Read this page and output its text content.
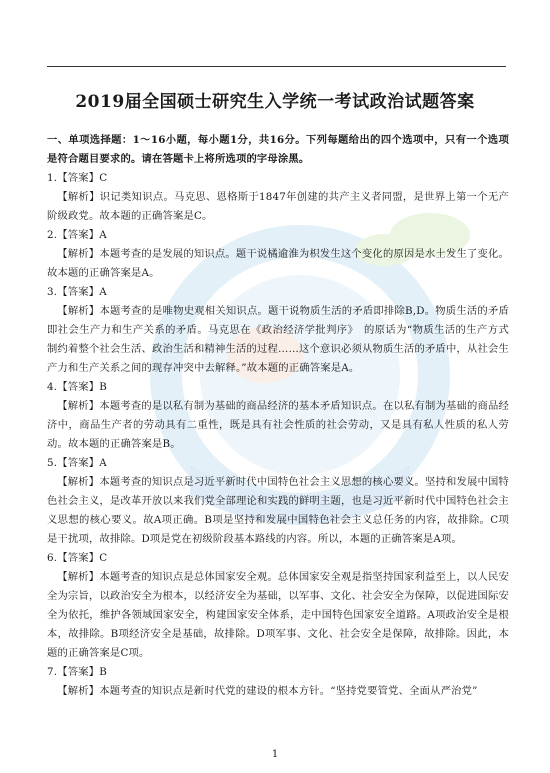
2019届全国硕士研究生入学统一考试政治试题答案

一、单项选择题：1～16小题，每小题1分，共16分。下列每题给出的四个选项中，只有一个选项是符合题目要求的。请在答题卡上将所选项的字母涂黑。

1.【答案】C

【解析】识记类知识点。马克思、恩格斯于1847年创建的共产主义者同盟，是世界上第一个无产阶级政党。故本题的正确答案是C。

2.【答案】A

【解析】本题考查的是发展的知识点。题干说橘逾淮为枳发生这个变化的原因是水土发生了变化。故本题的正确答案是A。

3.【答案】A

【解析】本题考查的是唯物史观相关知识点。题干说物质生活的矛盾即排除B,D。物质生活的矛盾即社会生产力和生产关系的矛盾。马克思在《政治经济学批判序》　的原话为“物质生活的生产方式制约着整个社会生活、政治生活和精神生活的过程……这个意识必须从物质生活的矛盾中，从社会生产力和生产关系之间的现存冲突中去解释。”故本题的正确答案是A。

4.【答案】B

【解析】本题考查的是以私有制为基础的商品经济的基本矛盾知识点。在以私有制为基础的商品经济中，商品生产者的劳动具有二重性，既是具有社会性质的社会劳动，又是具有私人性质的私人劳动。故本题的正确答案是B。

5.【答案】A

【解析】本题考查的知识点是习近平新时代中国特色社会主义思想的核心要义。坚持和发展中国特色社会主义，是改革开放以来我们党全部理论和实践的鲜明主题，也是习近平新时代中国特色社会主义思想的核心要义。故A项正确。B项是坚持和发展中国特色社会主义总任务的内容，故排除。C项是干扰项，故排除。D项是党在初级阶段基本路线的内容。所以，本题的正确答案是A项。

6.【答案】C

【解析】本题考查的知识点是总体国家安全观。总体国家安全观是指坚持国家利益至上，以人民安全为宗旨，以政治安全为根本，以经济安全为基础，以军事、文化、社会安全为保障，以促进国际安全为依托，维护各领域国家安全，构建国家安全体系，走中国特色国家安全道路。A项政治安全是根本，故排除。B项经济安全是基础，故排除。D项军事、文化、社会安全是保障，故排除。因此，本题的正确答案是C项。

7.【答案】B

【解析】本题考查的知识点是新时代党的建设的根本方针。“坚持党要管党、全面从严治党”

1
